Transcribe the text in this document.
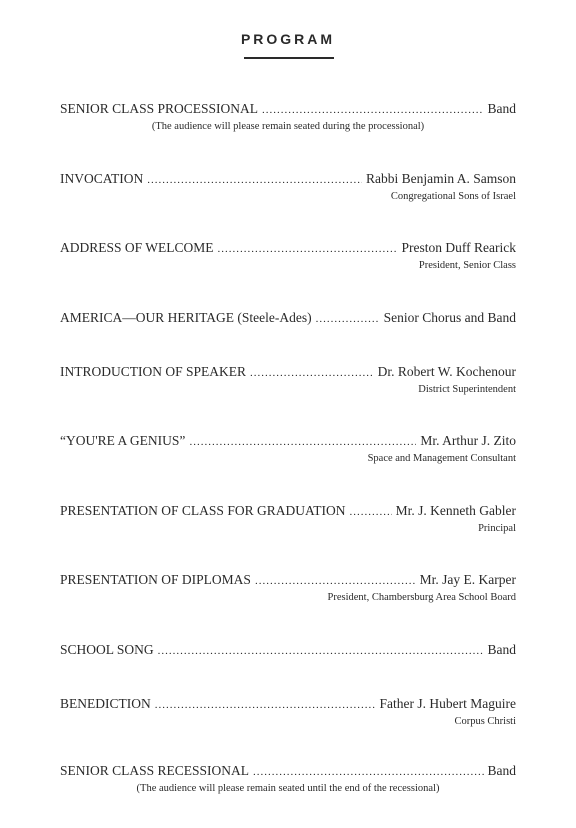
PROGRAM
SENIOR CLASS PROCESSIONAL .....	Band
(The audience will please remain seated during the processional)
INVOCATION .....	Rabbi Benjamin A. Samson
Congregational Sons of Israel
ADDRESS OF WELCOME .....	Preston Duff Rearick
President, Senior Class
AMERICA—OUR HERITAGE (Steele-Ades) .....	Senior Chorus and Band
INTRODUCTION OF SPEAKER .....	Dr. Robert W. Kochenour
District Superintendent
“YOU'RE A GENIUS” .....	Mr. Arthur J. Zito
Space and Management Consultant
PRESENTATION OF CLASS FOR GRADUATION .....	Mr. J. Kenneth Gabler
Principal
PRESENTATION OF DIPLOMAS .....	Mr. Jay E. Karper
President, Chambersburg Area School Board
SCHOOL SONG .....	Band
BENEDICTION .....	Father J. Hubert Maguire
Corpus Christi
SENIOR CLASS RECESSIONAL .....	Band
(The audience will please remain seated until the end of the recessional)
